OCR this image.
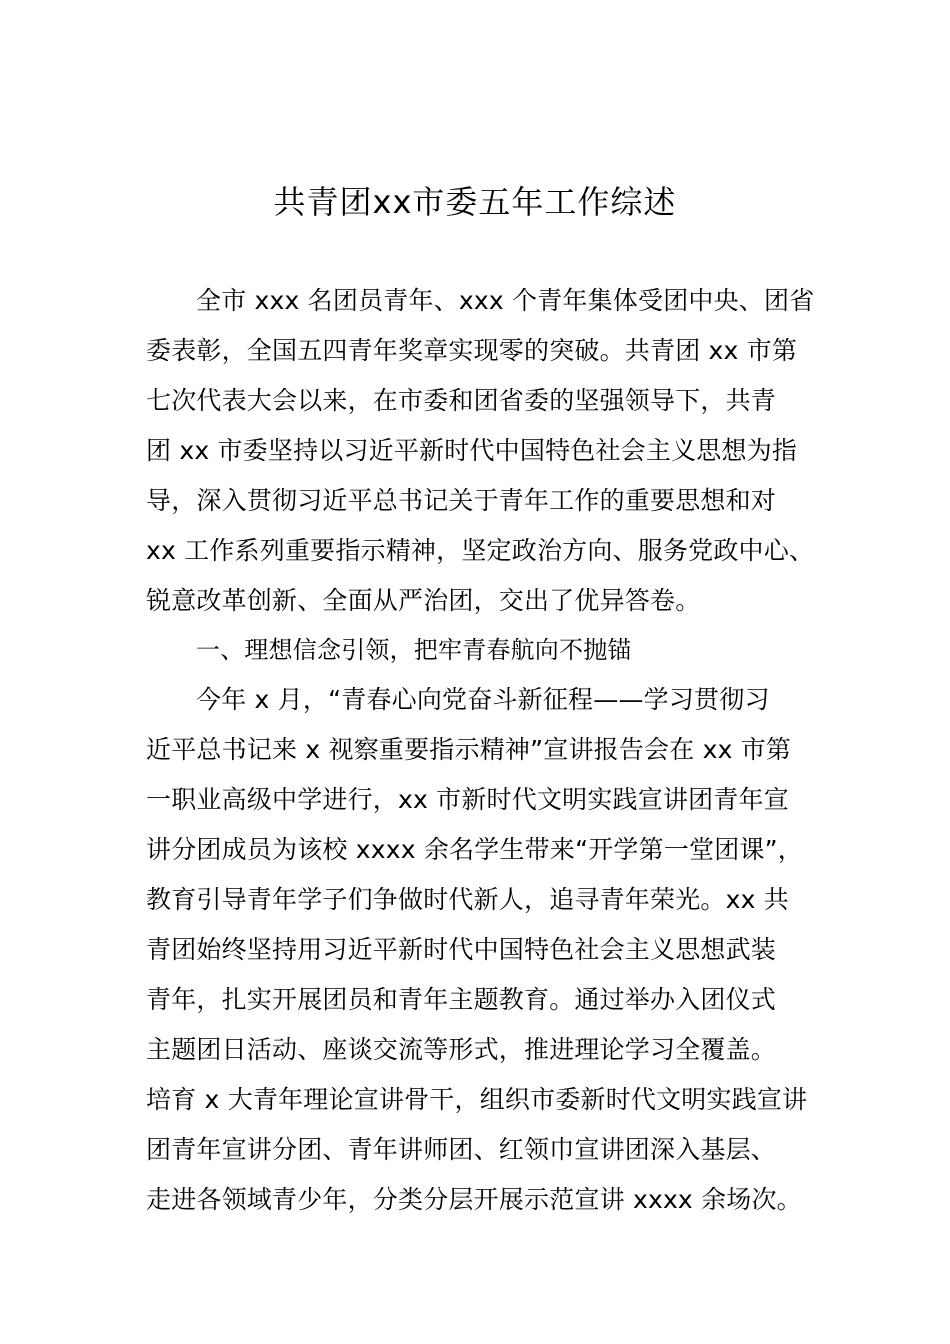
共青团xx市委五年工作综述
全市 xxx 名团员青年、xxx 个青年集体受团中央、团省
委表彰，全国五四青年奖章实现零的突破。共青团 xx 市第
七次代表大会以来，在市委和团省委的坚强领导下，共青
团 xx 市委坚持以习近平新时代中国特色社会主义思想为指
导，深入贯彻习近平总书记关于青年工作的重要思想和对
xx 工作系列重要指示精神，坚定政治方向、服务党政中心、
锐意改革创新、全面从严治团，交出了优异答卷。
一、理想信念引领，把牢青春航向不抛锚
今年 x 月，“青春心向党奋斗新征程——学习贯彻习
近平总书记来 x 视察重要指示精神”宣讲报告会在 xx 市第
一职业高级中学进行，xx 市新时代文明实践宣讲团青年宣
讲分团成员为该校 xxxx 余名学生带来“开学第一堂团课”，
教育引导青年学子们争做时代新人，追寻青年荣光。xx 共
青团始终坚持用习近平新时代中国特色社会主义思想武装
青年，扎实开展团员和青年主题教育。通过举办入团仪式
主题团日活动、座谈交流等形式，推进理论学习全覆盖。
培育 x 大青年理论宣讲骨干，组织市委新时代文明实践宣讲
团青年宣讲分团、青年讲师团、红领巾宣讲团深入基层、
走进各领域青少年，分类分层开展示范宣讲 xxxx 余场次。
